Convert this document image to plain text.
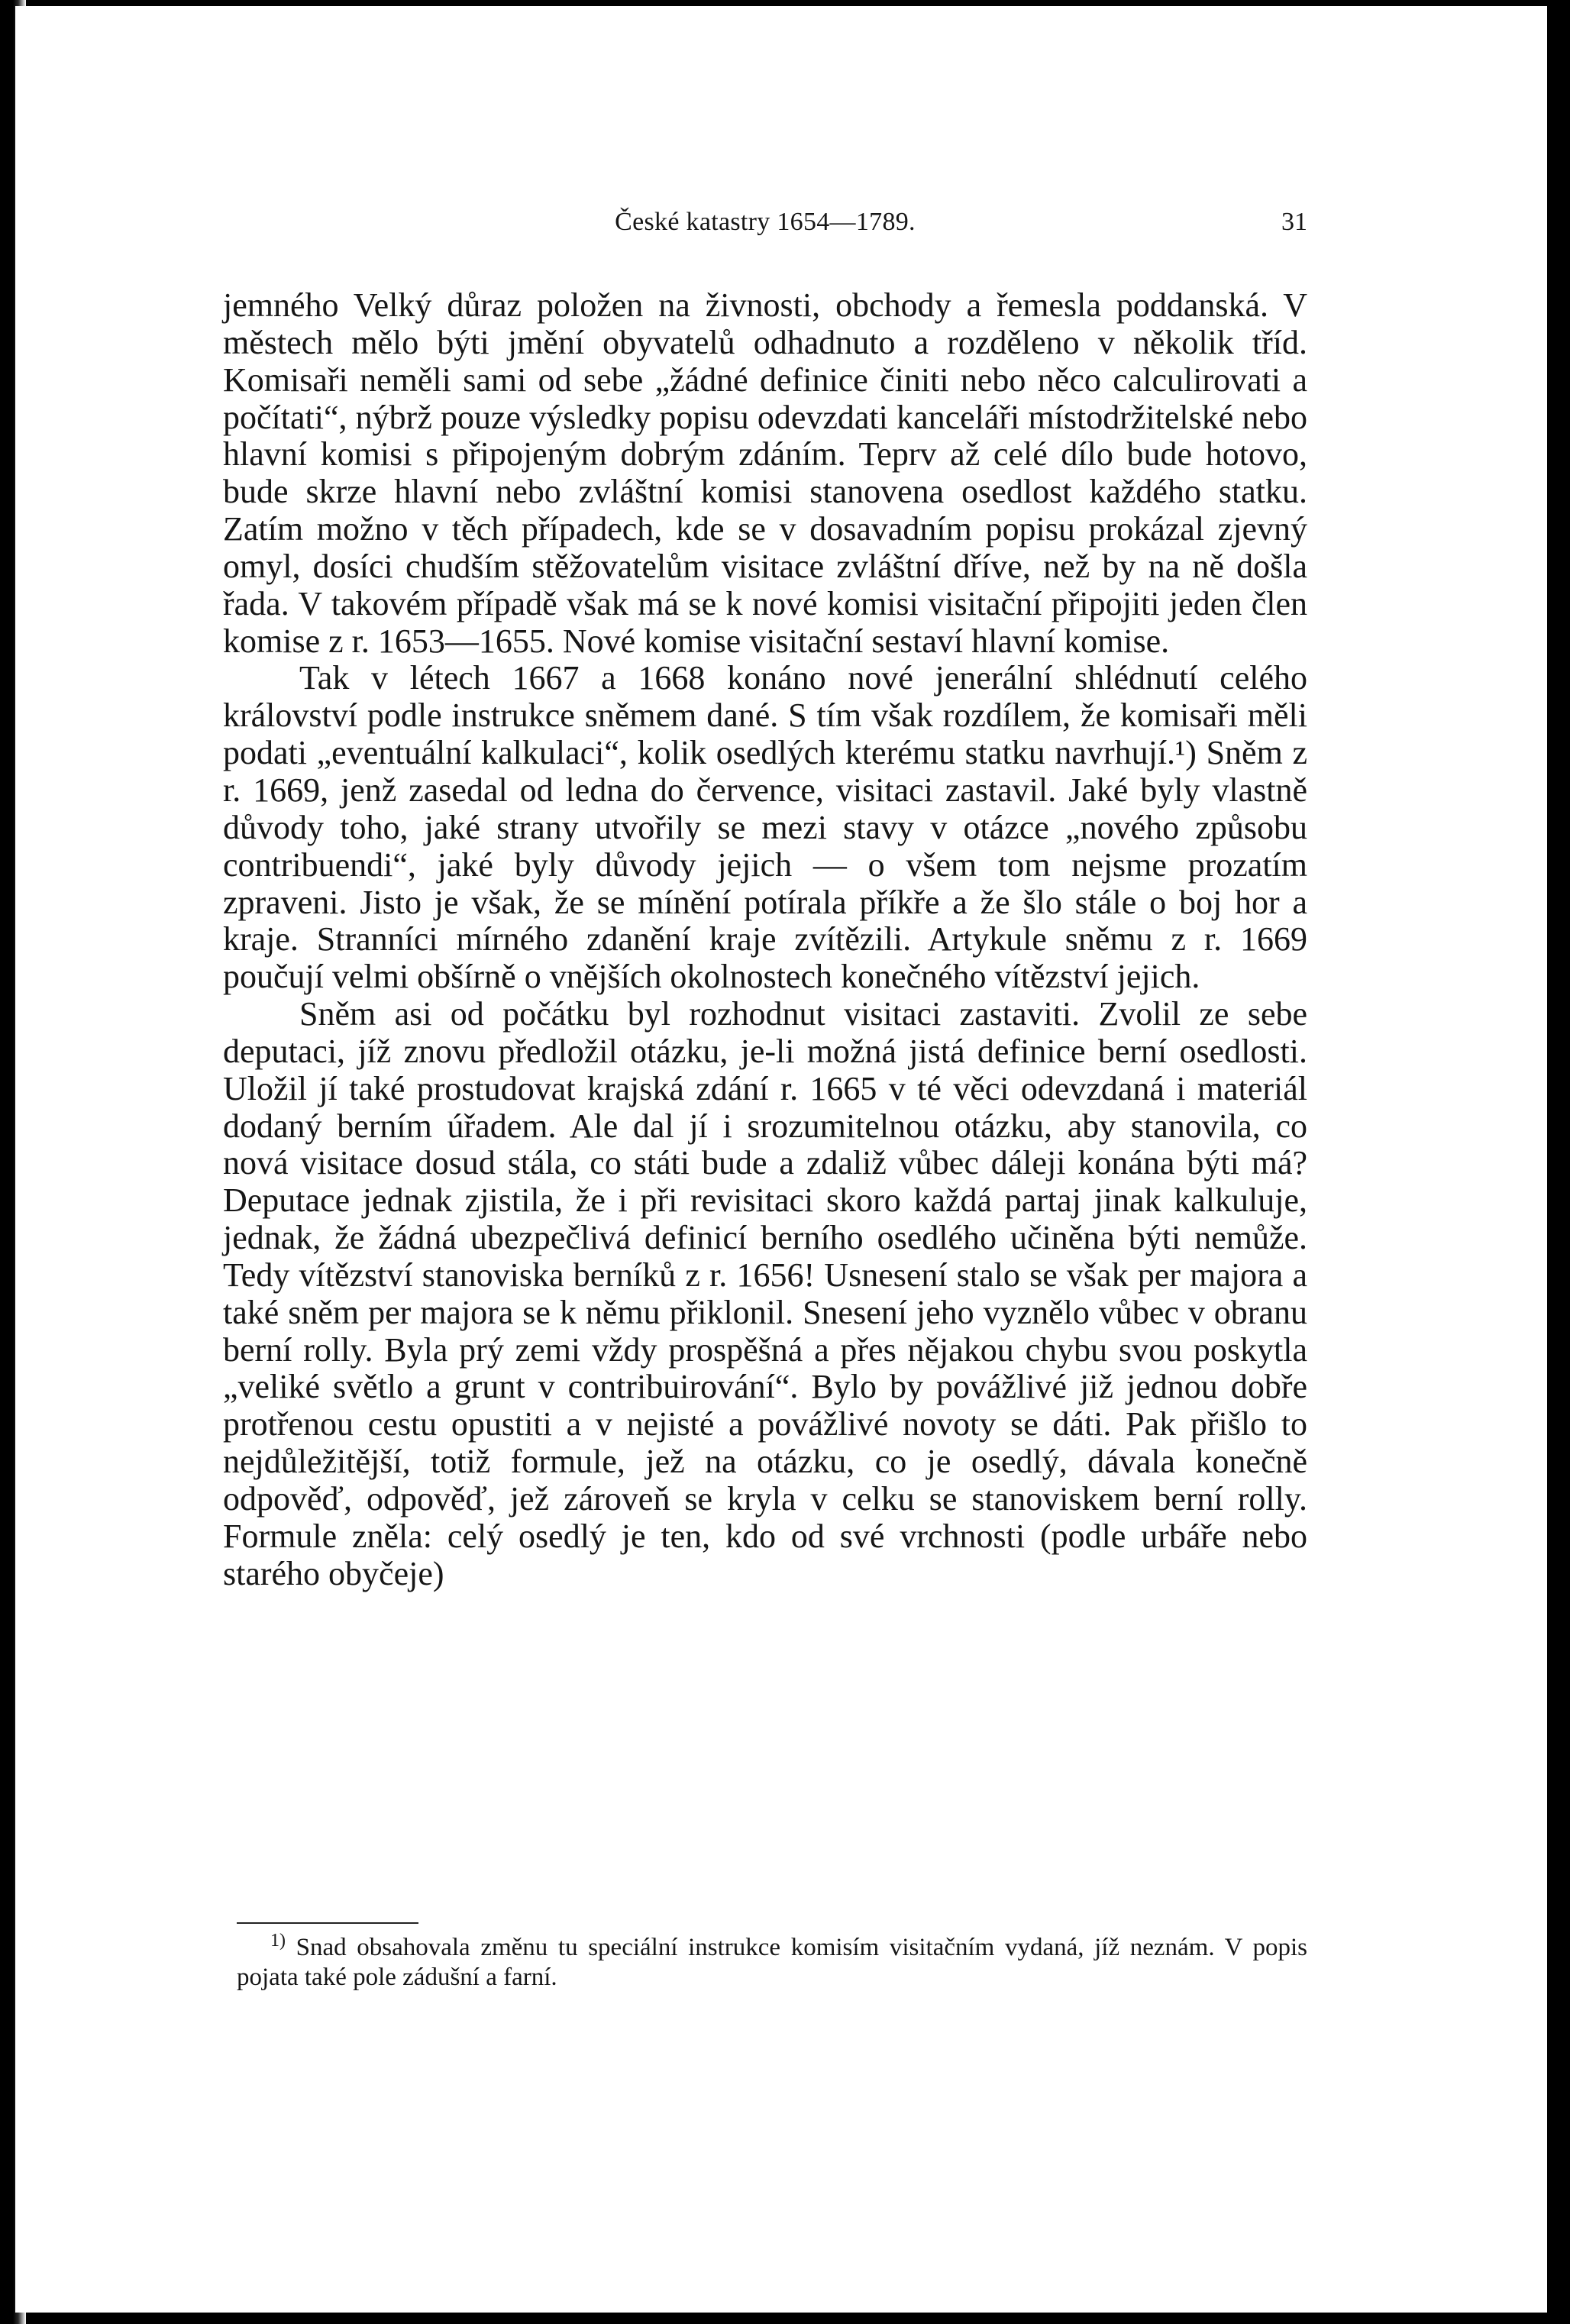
České katastry 1654—1789.	31

jemného Velký důraz položen na živnosti, obchody a řemesla poddanská. V městech mělo býti jmění obyvatelů odhadnuto a rozděleno v několik tříd. Komisaři neměli sami od sebe „žádné definice činiti nebo něco calculirovati a počítati“, nýbrž pouze výsledky popisu odevzdati kanceláři místodržitelské nebo hlavní komisi s připojeným dobrým zdáním. Teprv až celé dílo bude hotovo, bude skrze hlavní nebo zvláštní komisi stanovena osedlost každého statku. Zatím možno v těch případech, kde se v dosavadním popisu prokázal zjevný omyl, dosíci chudším stěžovatelům visitace zvláštní dříve, než by na ně došla řada. V takovém případě však má se k nové komisi visitační připojiti jeden člen komise z r. 1653—1655. Nové komise visitační sestaví hlavní komise.

Tak v létech 1667 a 1668 konáno nové jenerální shlédnutí celého království podle instrukce sněmem dané. S tím však rozdílem, že komisaři měli podati „eventuální kalkulaci“, kolik osedlých kterému statku navrhují.¹) Sněm z r. 1669, jenž zasedal od ledna do července, visitaci zastavil. Jaké byly vlastně důvody toho, jaké strany utvořily se mezi stavy v otázce „nového způsobu contribuendi“, jaké byly důvody jejich — o všem tom nejsme prozatím zpraveni. Jisto je však, že se mínění potírala příkře a že šlo stále o boj hor a kraje. Stranníci mírného zdanění kraje zvítězili. Artykule sněmu z r. 1669 poučují velmi obšírně o vnějších okolnostech konečného vítězství jejich.

Sněm asi od počátku byl rozhodnut visitaci zastaviti. Zvolil ze sebe deputaci, jíž znovu předložil otázku, je-li možná jistá definice berní osedlosti. Uložil jí také prostudovat krajská zdání r. 1665 v té věci odevzdaná i materiál dodaný berním úřadem. Ale dal jí i srozumitelnou otázku, aby stanovila, co nová visitace dosud stála, co státi bude a zdaliž vůbec dáleji konána býti má? Deputace jednak zjistila, že i při revisitaci skoro každá partaj jinak kalkuluje, jednak, že žádná ubezpečlivá definicí berního osedlého učiněna býti nemůže. Tedy vítězství stanoviska berníků z r. 1656! Usnesení stalo se však per majora a také sněm per majora se k němu přiklonil. Snesení jeho vyznělo vůbec v obranu berní rolly. Byla prý zemi vždy prospěšná a přes nějakou chybu svou poskytla „veliké světlo a grunt v contribuirování“. Bylo by povážlivé již jednou dobře protřenou cestu opustiti a v nejisté a povážlivé novoty se dáti. Pak přišlo to nejdůležitější, totiž formule, jež na otázku, co je osedlý, dávala konečně odpověď, odpověď, jež zároveň se kryla v celku se stanoviskem berní rolly. Formule zněla: celý osedlý je ten, kdo od své vrchnosti (podle urbáře nebo starého obyčeje)

$^{1)}$ Snad obsahovala změnu tu speciální instrukce komisím visitačním vydaná, jíž neznám. V popis pojata také pole zádušní a farní.
